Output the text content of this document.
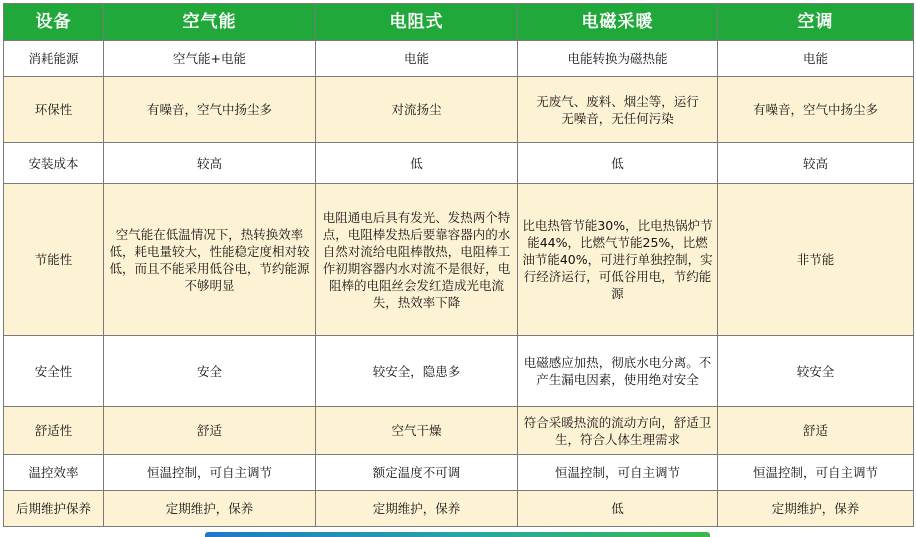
设备	空气能	电阻式	电磁采暖	空调
消耗能源	空气能+电能	电能	电能转换为磁热能	电能
环保性	有噪音，空气中扬尘多	对流扬尘	无废气、废料、烟尘等，运行无噪音，无任何污染	有噪音，空气中扬尘多
安装成本	较高	低	低	较高
节能性	空气能在低温情况下，热转换效率低，耗电量较大，性能稳定度相对较低，而且不能采用低谷电，节约能源不够明显	电阻通电后具有发光、发热两个特点，电阻棒发热后要靠容器内的水自然对流给电阻棒散热，电阻棒工作初期容器内水对流不是很好，电阻棒的电阻丝会发红造成光电流失，热效率下降	比电热管节能30%，比电热锅炉节能44%，比燃气节能25%，比燃油节能40%，可进行单独控制，实行经济运行，可低谷用电，节约能源	非节能
安全性	安全	较安全，隐患多	电磁感应加热，彻底水电分离。不产生漏电因素，使用绝对安全	较安全
舒适性	舒适	空气干燥	符合采暖热流的流动方向，舒适卫生，符合人体生理需求	舒适
温控效率	恒温控制，可自主调节	额定温度不可调	恒温控制，可自主调节	恒温控制，可自主调节
后期维护保养	定期维护，保养	定期维护，保养	低	定期维护，保养
